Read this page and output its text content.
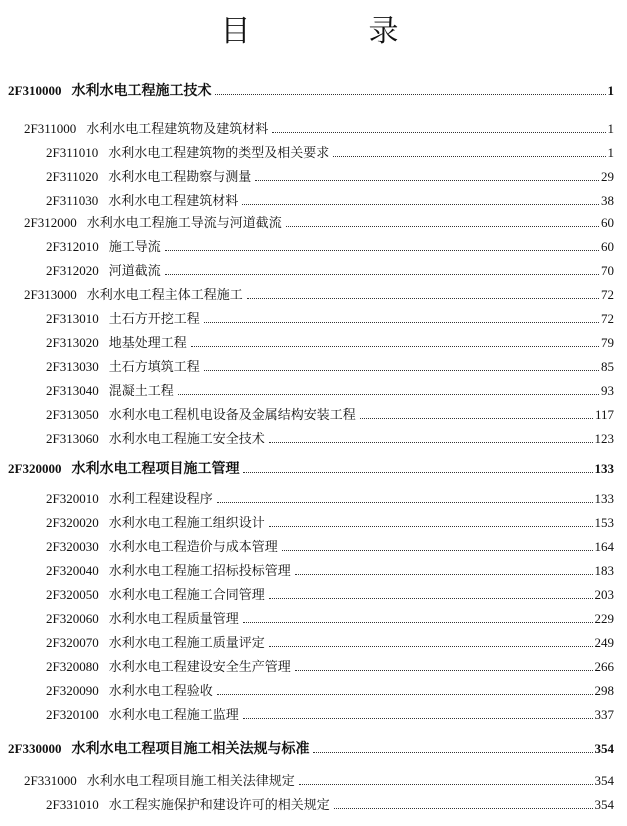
目　录
2F310000 水利水电工程施工技术	1
2F311000 水利水电工程建筑物及建筑材料	1
2F311010 水利水电工程建筑物的类型及相关要求	1
2F311020 水利水电工程勘察与测量	29
2F311030 水利水电工程建筑材料	38
2F312000 水利水电工程施工导流与河道截流	60
2F312010 施工导流	60
2F312020 河道截流	70
2F313000 水利水电工程主体工程施工	72
2F313010 土石方开挖工程	72
2F313020 地基处理工程	79
2F313030 土石方填筑工程	85
2F313040 混凝土工程	93
2F313050 水利水电工程机电设备及金属结构安装工程	117
2F313060 水利水电工程施工安全技术	123
2F320000 水利水电工程项目施工管理	133
2F320010 水利工程建设程序	133
2F320020 水利水电工程施工组织设计	153
2F320030 水利水电工程造价与成本管理	164
2F320040 水利水电工程施工招标投标管理	183
2F320050 水利水电工程施工合同管理	203
2F320060 水利水电工程质量管理	229
2F320070 水利水电工程施工质量评定	249
2F320080 水利水电工程建设安全生产管理	266
2F320090 水利水电工程验收	298
2F320100 水利水电工程施工监理	337
2F330000 水利水电工程项目施工相关法规与标准	354
2F331000 水利水电工程项目施工相关法律规定	354
2F331010 水工程实施保护和建设许可的相关规定	354
